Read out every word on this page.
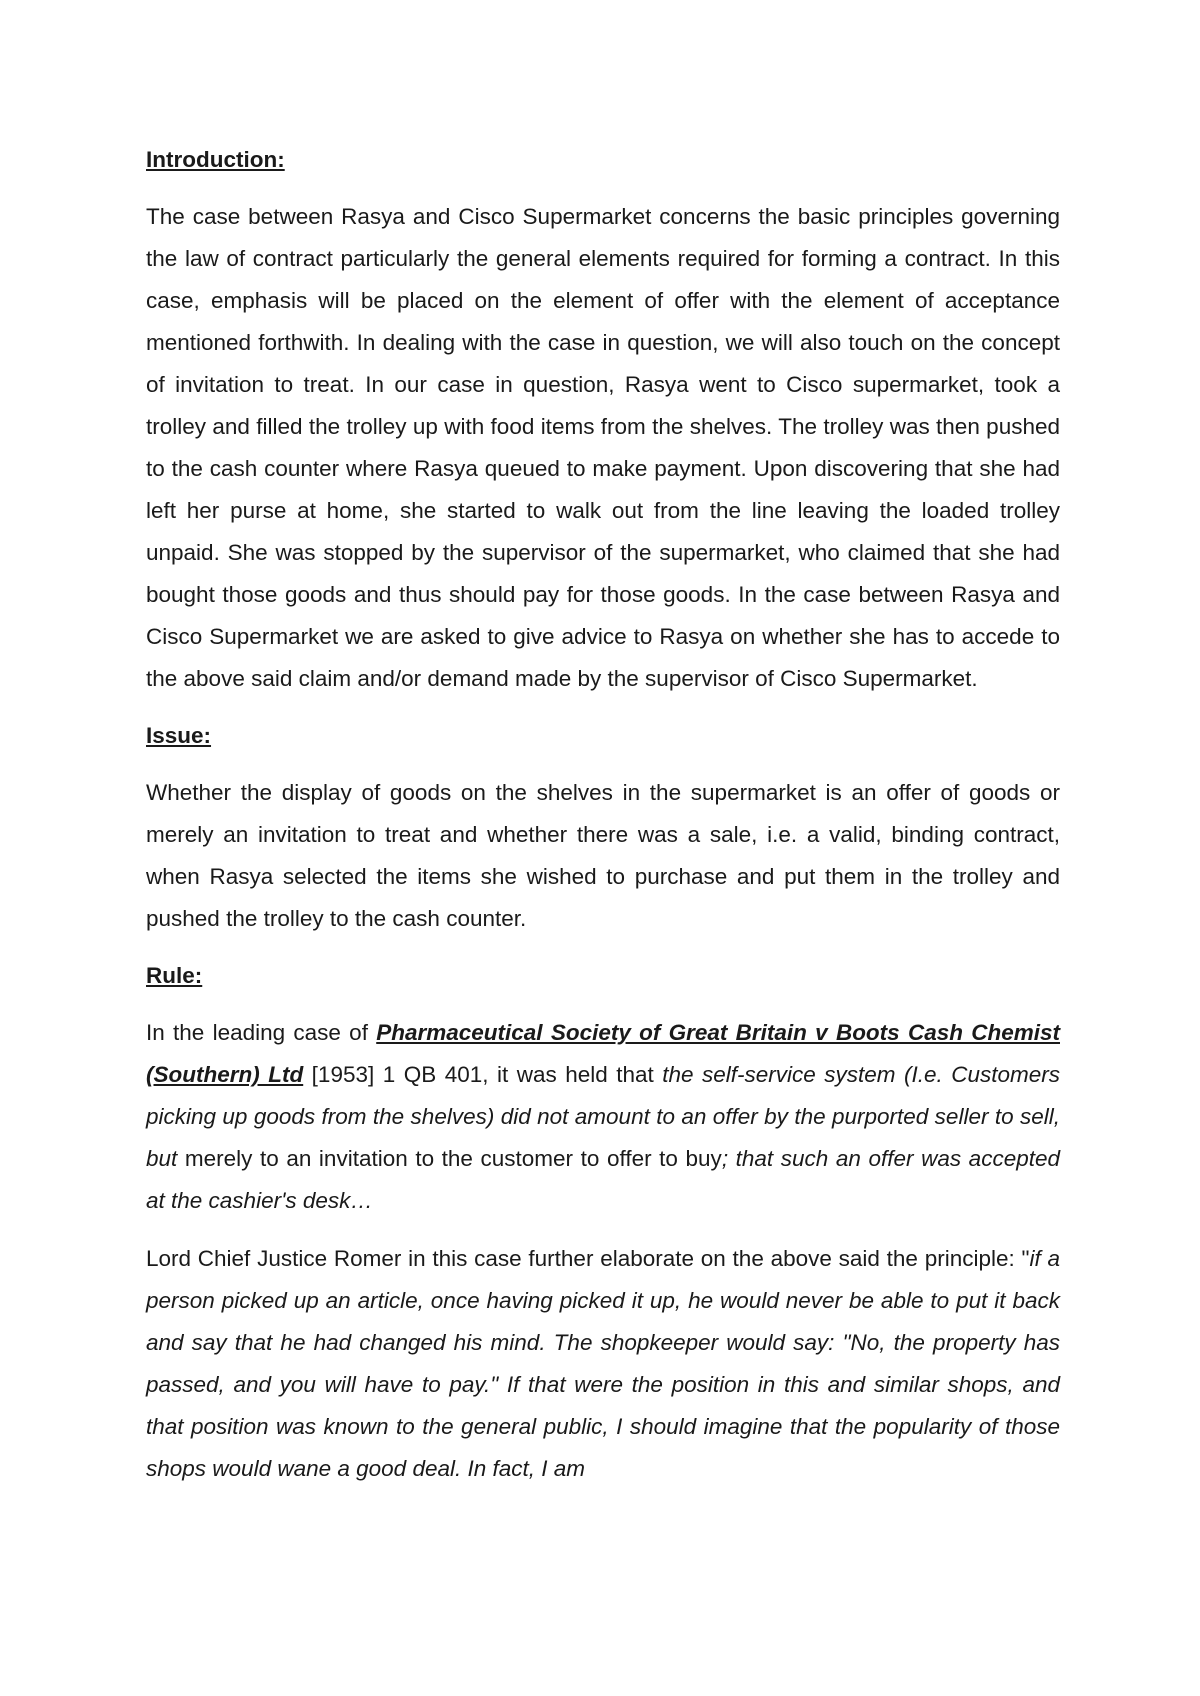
Introduction:

The case between Rasya and Cisco Supermarket concerns the basic principles governing the law of contract particularly the general elements required for forming a contract. In this case, emphasis will be placed on the element of offer with the element of acceptance mentioned forthwith. In dealing with the case in question, we will also touch on the concept of invitation to treat. In our case in question, Rasya went to Cisco supermarket, took a trolley and filled the trolley up with food items from the shelves. The trolley was then pushed to the cash counter where Rasya queued to make payment. Upon discovering that she had left her purse at home, she started to walk out from the line leaving the loaded trolley unpaid. She was stopped by the supervisor of the supermarket, who claimed that she had bought those goods and thus should pay for those goods. In the case between Rasya and Cisco Supermarket we are asked to give advice to Rasya on whether she has to accede to the above said claim and/or demand made by the supervisor of Cisco Supermarket.

Issue:

Whether the display of goods on the shelves in the supermarket is an offer of goods or merely an invitation to treat and whether there was a sale, i.e. a valid, binding contract, when Rasya selected the items she wished to purchase and put them in the trolley and pushed the trolley to the cash counter.

Rule:

In the leading case of Pharmaceutical Society of Great Britain v Boots Cash Chemist (Southern) Ltd [1953] 1 QB 401, it was held that the self-service system (I.e. Customers picking up goods from the shelves) did not amount to an offer by the purported seller to sell, but merely to an invitation to the customer to offer to buy; that such an offer was accepted at the cashier's desk…

Lord Chief Justice Romer in this case further elaborate on the above said the principle: "if a person picked up an article, once having picked it up, he would never be able to put it back and say that he had changed his mind. The shopkeeper would say: "No, the property has passed, and you will have to pay." If that were the position in this and similar shops, and that position was known to the general public, I should imagine that the popularity of those shops would wane a good deal. In fact, I am
